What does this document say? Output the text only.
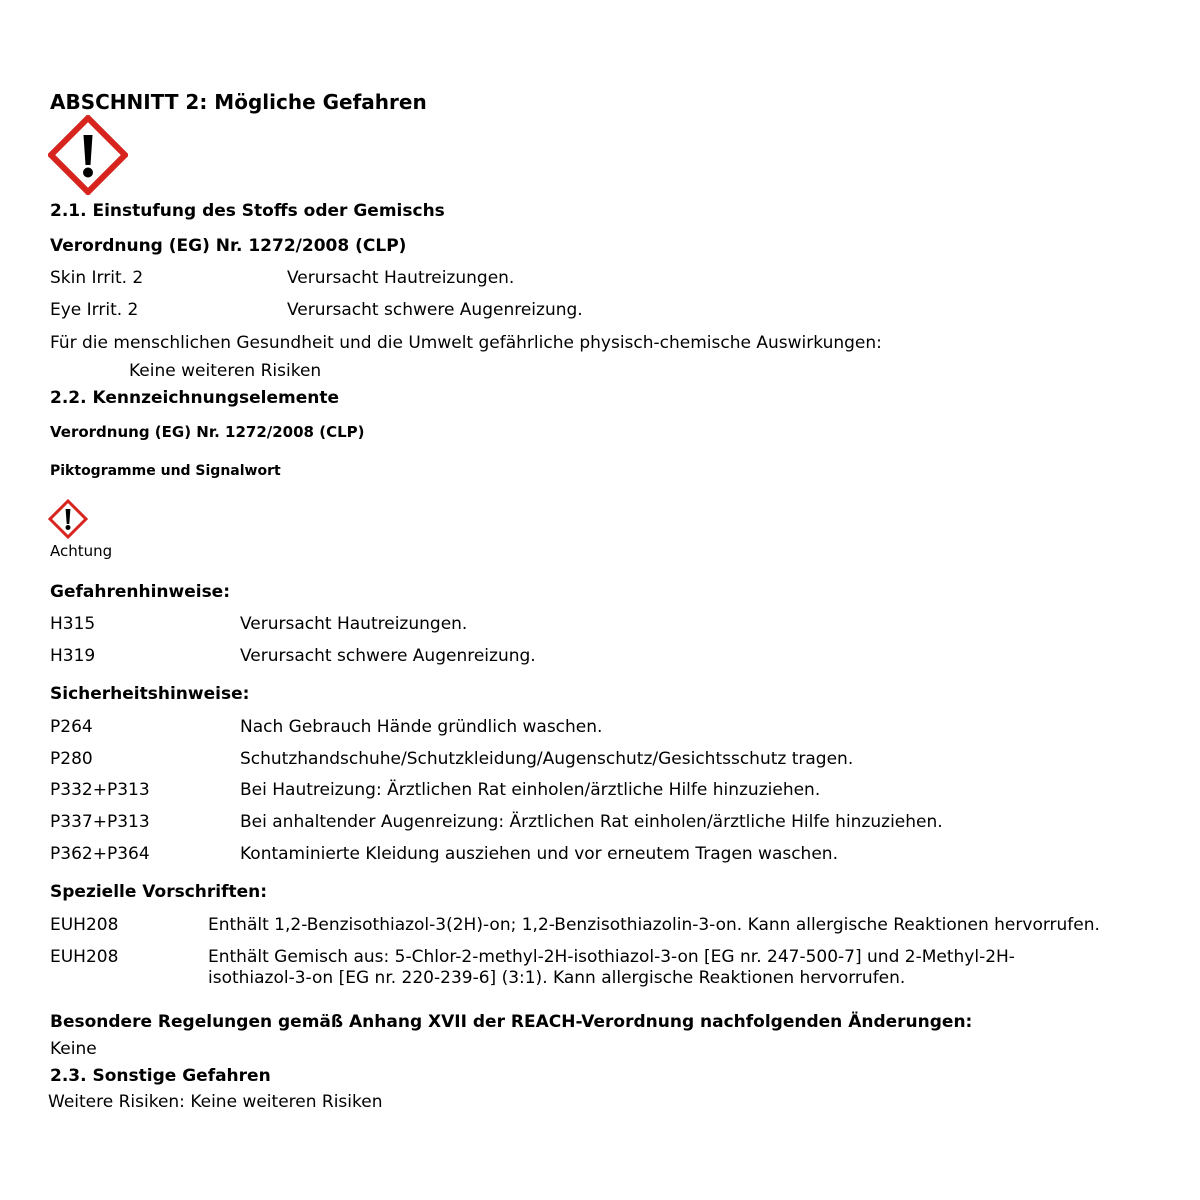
ABSCHNITT 2: Mögliche Gefahren
2.1. Einstufung des Stoffs oder Gemischs
Verordnung (EG) Nr. 1272/2008 (CLP)
Skin Irrit. 2	Verursacht Hautreizungen.
Eye Irrit. 2	Verursacht schwere Augenreizung.
Für die menschlichen Gesundheit und die Umwelt gefährliche physisch-chemische Auswirkungen:
Keine weiteren Risiken
2.2. Kennzeichnungselemente
Verordnung (EG) Nr. 1272/2008 (CLP)
Piktogramme und Signalwort
Achtung
Gefahrenhinweise:
H315	Verursacht Hautreizungen.
H319	Verursacht schwere Augenreizung.
Sicherheitshinweise:
P264	Nach Gebrauch Hände gründlich waschen.
P280	Schutzhandschuhe/Schutzkleidung/Augenschutz/Gesichtsschutz tragen.
P332+P313	Bei Hautreizung: Ärztlichen Rat einholen/ärztliche Hilfe hinzuziehen.
P337+P313	Bei anhaltender Augenreizung: Ärztlichen Rat einholen/ärztliche Hilfe hinzuziehen.
P362+P364	Kontaminierte Kleidung ausziehen und vor erneutem Tragen waschen.
Spezielle Vorschriften:
EUH208	Enthält 1,2-Benzisothiazol-3(2H)-on; 1,2-Benzisothiazolin-3-on. Kann allergische Reaktionen hervorrufen.
EUH208	Enthält Gemisch aus: 5-Chlor-2-methyl-2H-isothiazol-3-on [EG nr. 247-500-7] und 2-Methyl-2H-
isothiazol-3-on [EG nr. 220-239-6] (3:1). Kann allergische Reaktionen hervorrufen.
Besondere Regelungen gemäß Anhang XVII der REACH-Verordnung nachfolgenden Änderungen:
Keine
2.3. Sonstige Gefahren
Weitere Risiken: Keine weiteren Risiken
